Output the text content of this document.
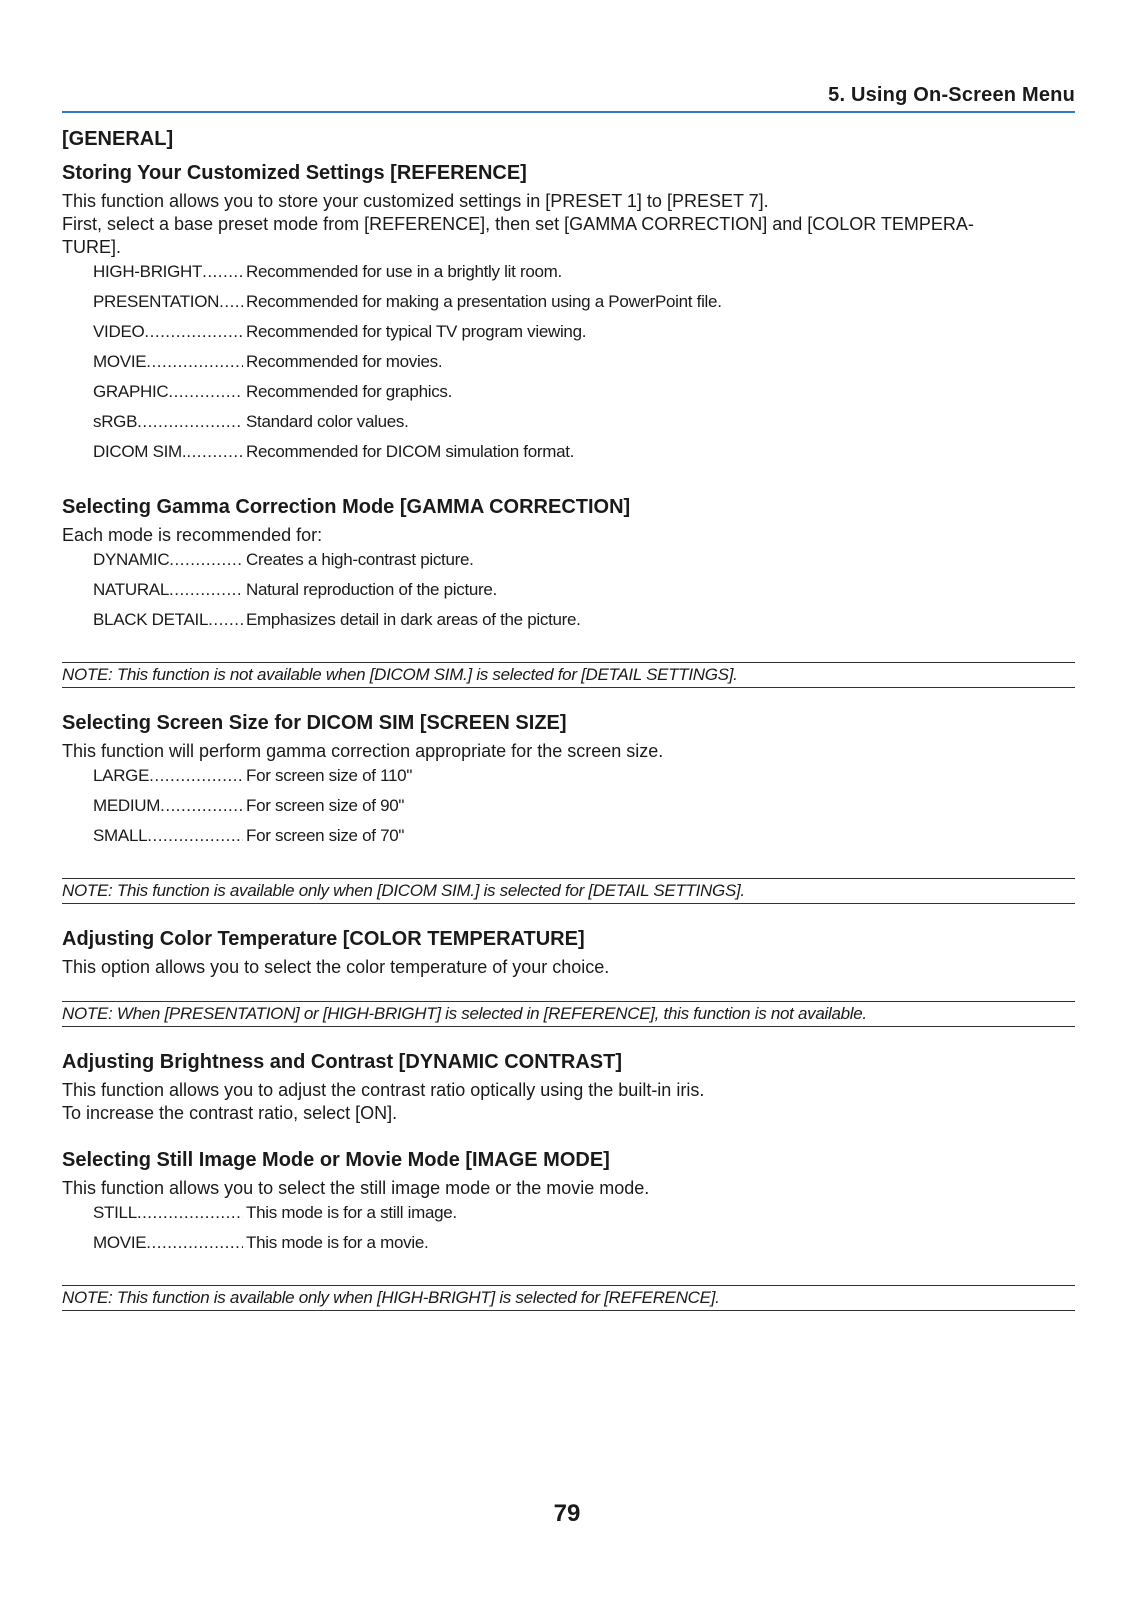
5. Using On-Screen Menu
[GENERAL]
Storing Your Customized Settings [REFERENCE]

This function allows you to store your customized settings in [PRESET 1] to [PRESET 7].

First, select a base preset mode from [REFERENCE], then set [GAMMA CORRECTION] and [COLOR TEMPERA-

TURE].

HIGH-BRIGHT .....	Recommended for use in a brightly lit room.
PRESENTATION ..... Recommended for making a presentation using a PowerPoint file.
VIDEO .....	Recommended for typical TV program viewing.
MOVIE .....	Recommended for movies.
GRAPHIC .....	Recommended for graphics.
sRGB .....	Standard color values.
DICOM SIM. .....	Recommended for DICOM simulation format.
Selecting Gamma Correction Mode [GAMMA CORRECTION]

Each mode is recommended for:

DYNAMIC .....	Creates a high-contrast picture.
NATURAL .....	Natural reproduction of the picture.
BLACK DETAIL ..... Emphasizes detail in dark areas of the picture.

NOTE: This function is not available when [DICOM SIM.] is selected for [DETAIL SETTINGS].

Selecting Screen Size for DICOM SIM [SCREEN SIZE]

This function will perform gamma correction appropriate for the screen size.

LARGE .....	For screen size of 110"
MEDIUM .....	For screen size of 90"
SMALL .....	For screen size of 70"

NOTE: This function is available only when [DICOM SIM.] is selected for [DETAIL SETTINGS].

Adjusting Color Temperature [COLOR TEMPERATURE]

This option allows you to select the color temperature of your choice.

NOTE: When [PRESENTATION] or [HIGH-BRIGHT] is selected in [REFERENCE], this function is not available.

Adjusting Brightness and Contrast [DYNAMIC CONTRAST]

This function allows you to adjust the contrast ratio optically using the built-in iris.

To increase the contrast ratio, select [ON].

Selecting Still Image Mode or Movie Mode [IMAGE MODE]

This function allows you to select the still image mode or the movie mode.

STILL .....	This mode is for a still image.
MOVIE .....	This mode is for a movie.

NOTE: This function is available only when [HIGH-BRIGHT] is selected for [REFERENCE].

79
